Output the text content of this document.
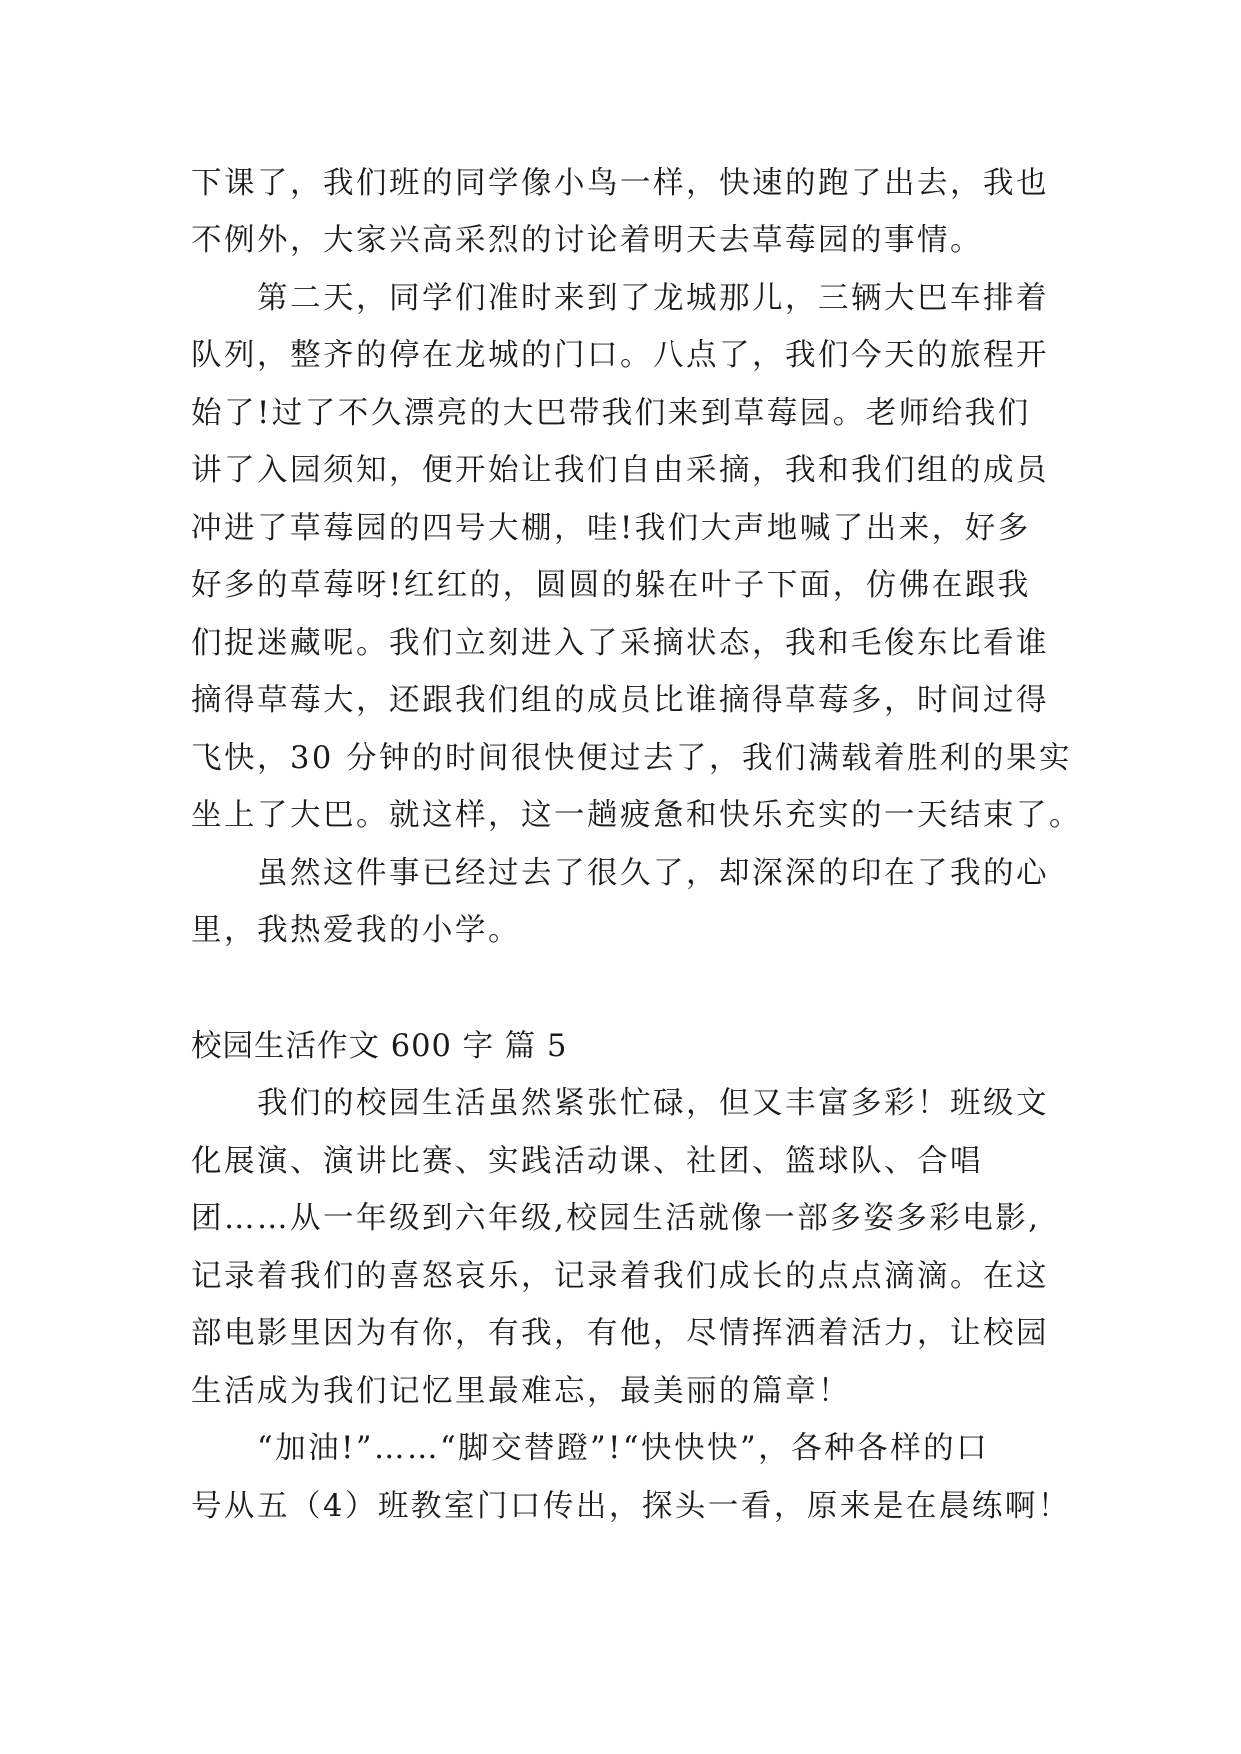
下课了，我们班的同学像小鸟一样，快速的跑了出去，我也
不例外，大家兴高采烈的讨论着明天去草莓园的事情。
　　第二天，同学们准时来到了龙城那儿，三辆大巴车排着
队列，整齐的停在龙城的门口。八点了，我们今天的旅程开
始了!过了不久漂亮的大巴带我们来到草莓园。老师给我们
讲了入园须知，便开始让我们自由采摘，我和我们组的成员
冲进了草莓园的四号大棚，哇!我们大声地喊了出来，好多
好多的草莓呀!红红的，圆圆的躲在叶子下面，仿佛在跟我
们捉迷藏呢。我们立刻进入了采摘状态，我和毛俊东比看谁
摘得草莓大，还跟我们组的成员比谁摘得草莓多，时间过得
飞快，30 分钟的时间很快便过去了，我们满载着胜利的果实
坐上了大巴。就这样，这一趟疲惫和快乐充实的一天结束了。
　　虽然这件事已经过去了很久了，却深深的印在了我的心
里，我热爱我的小学。
校园生活作文 600 字 篇 5
　　我们的校园生活虽然紧张忙碌，但又丰富多彩！班级文
化展演、演讲比赛、实践活动课、社团、篮球队、合唱
团……从一年级到六年级,校园生活就像一部多姿多彩电影,
记录着我们的喜怒哀乐，记录着我们成长的点点滴滴。在这
部电影里因为有你，有我，有他，尽情挥洒着活力，让校园
生活成为我们记忆里最难忘，最美丽的篇章！
　　“加油!”……“脚交替蹬”!“快快快”，各种各样的口
号从五（4）班教室门口传出，探头一看，原来是在晨练啊！
